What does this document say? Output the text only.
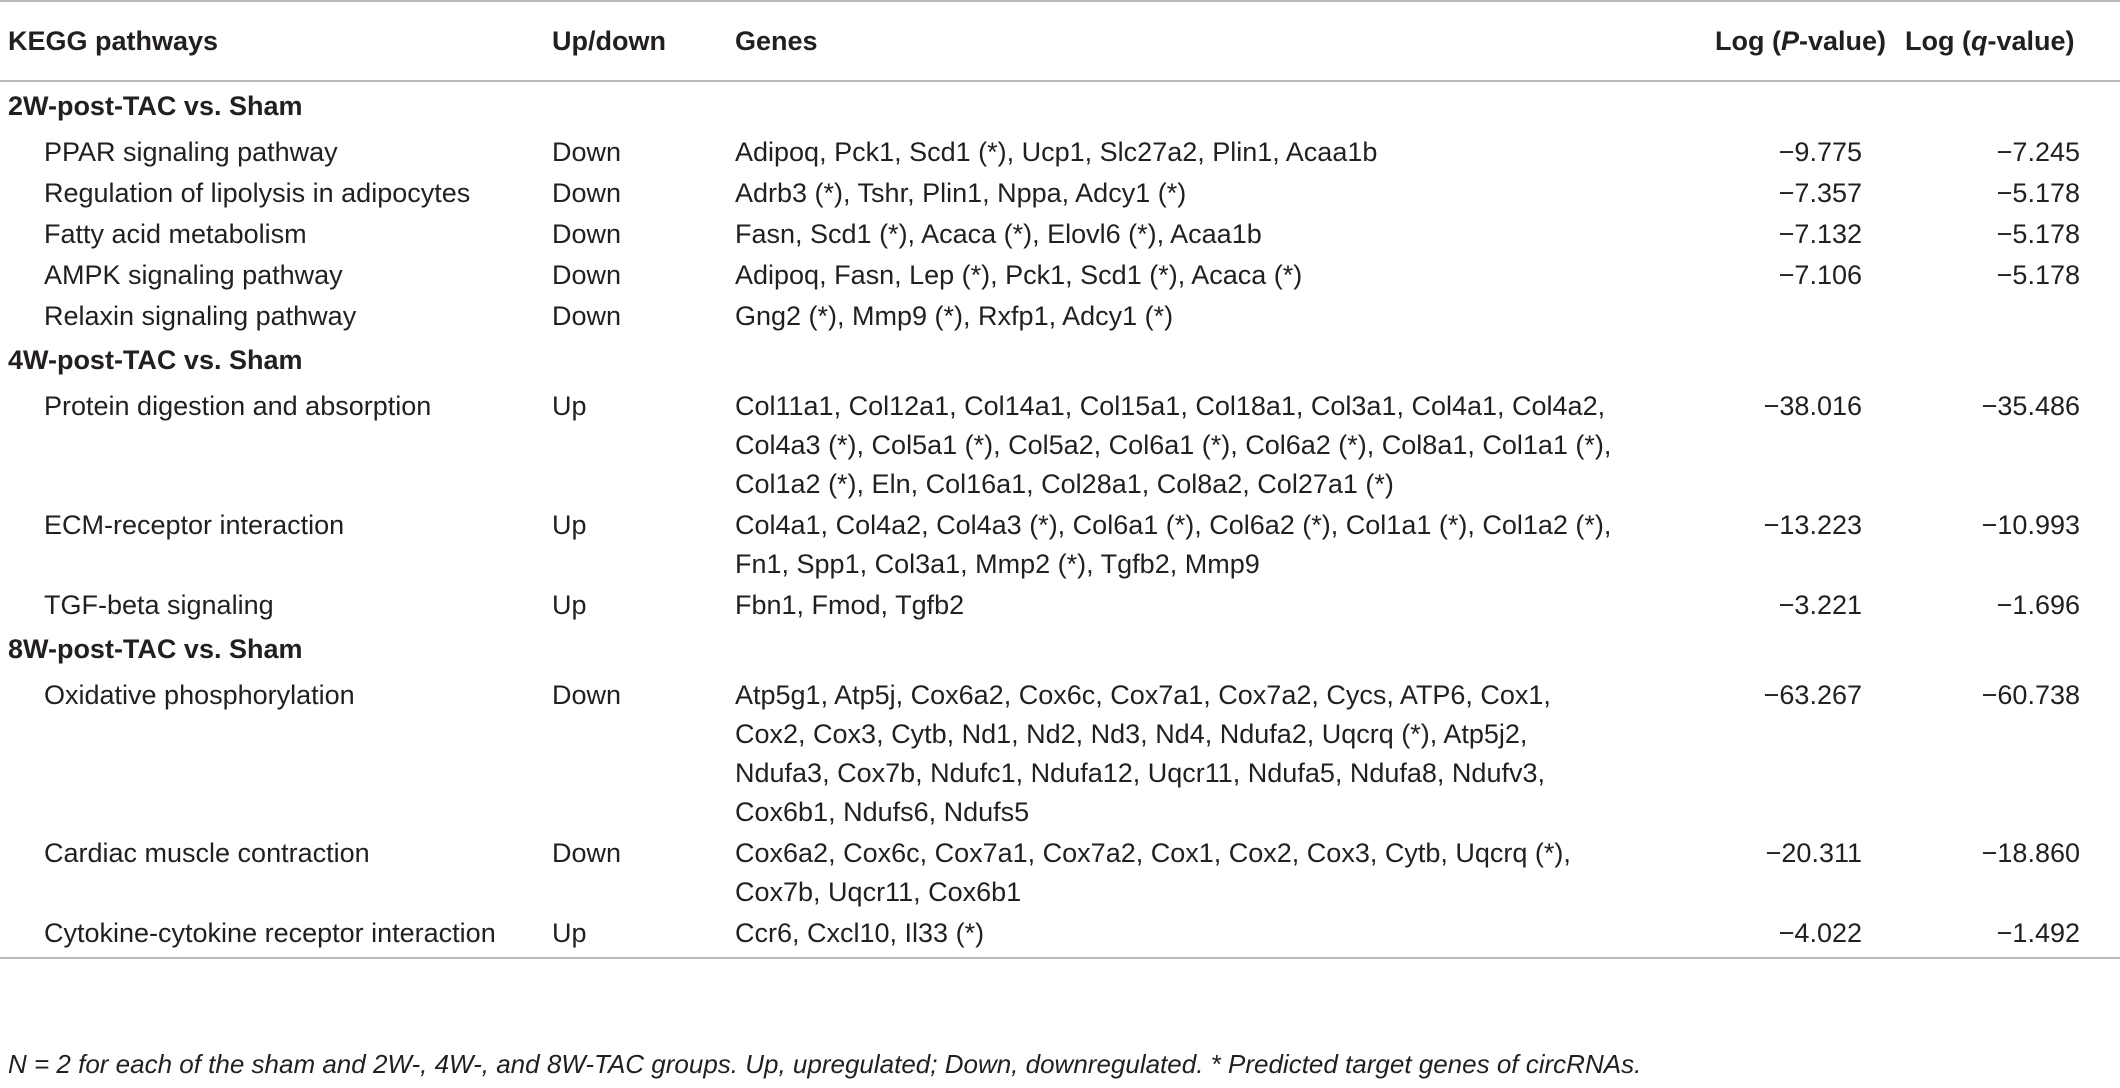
KEGG pathways	Up/down	Genes	Log (P-value)	Log (q-value)
2W-post-TAC vs. Sham				
PPAR signaling pathway	Down	Adipoq, Pck1, Scd1 (*), Ucp1, Slc27a2, Plin1, Acaa1b	−9.775	−7.245
Regulation of lipolysis in adipocytes	Down	Adrb3 (*), Tshr, Plin1, Nppa, Adcy1 (*)	−7.357	−5.178
Fatty acid metabolism	Down	Fasn, Scd1 (*), Acaca (*), Elovl6 (*), Acaa1b	−7.132	−5.178
AMPK signaling pathway	Down	Adipoq, Fasn, Lep (*), Pck1, Scd1 (*), Acaca (*)	−7.106	−5.178
Relaxin signaling pathway	Down	Gng2 (*), Mmp9 (*), Rxfp1, Adcy1 (*)		

4W-post-TAC vs. Sham				
Protein digestion and absorption	Up	Col11a1, Col12a1, Col14a1, Col15a1, Col18a1, Col3a1, Col4a1, Col4a2,
Col4a3 (*), Col5a1 (*), Col5a2, Col6a1 (*), Col6a2 (*), Col8a1, Col1a1 (*),
Col1a2 (*), Eln, Col16a1, Col28a1, Col8a2, Col27a1 (*)	−38.016	−35.486
ECM-receptor interaction	Up	Col4a1, Col4a2, Col4a3 (*), Col6a1 (*), Col6a2 (*), Col1a1 (*), Col1a2 (*),
Fn1, Spp1, Col3a1, Mmp2 (*), Tgfb2, Mmp9	−13.223	−10.993
TGF-beta signaling	Up	Fbn1, Fmod, Tgfb2	−3.221	−1.696
8W-post-TAC vs. Sham				
Oxidative phosphorylation	Down	Atp5g1, Atp5j, Cox6a2, Cox6c, Cox7a1, Cox7a2, Cycs, ATP6, Cox1,
Cox2, Cox3, Cytb, Nd1, Nd2, Nd3, Nd4, Ndufa2, Uqcrq (*), Atp5j2,
Ndufa3, Cox7b, Ndufc1, Ndufa12, Uqcr11, Ndufa5, Ndufa8, Ndufv3,
Cox6b1, Ndufs6, Ndufs5	−63.267	−60.738
Cardiac muscle contraction	Down	Cox6a2, Cox6c, Cox7a1, Cox7a2, Cox1, Cox2, Cox3, Cytb, Uqcrq (*),
Cox7b, Uqcr11, Cox6b1	−20.311	−18.860
Cytokine-cytokine receptor interaction	Up	Ccr6, Cxcl10, Il33 (*)	−4.022	−1.492
N = 2 for each of the sham and 2W-, 4W-, and 8W-TAC groups. Up, upregulated; Down, downregulated. * Predicted target genes of circRNAs.
